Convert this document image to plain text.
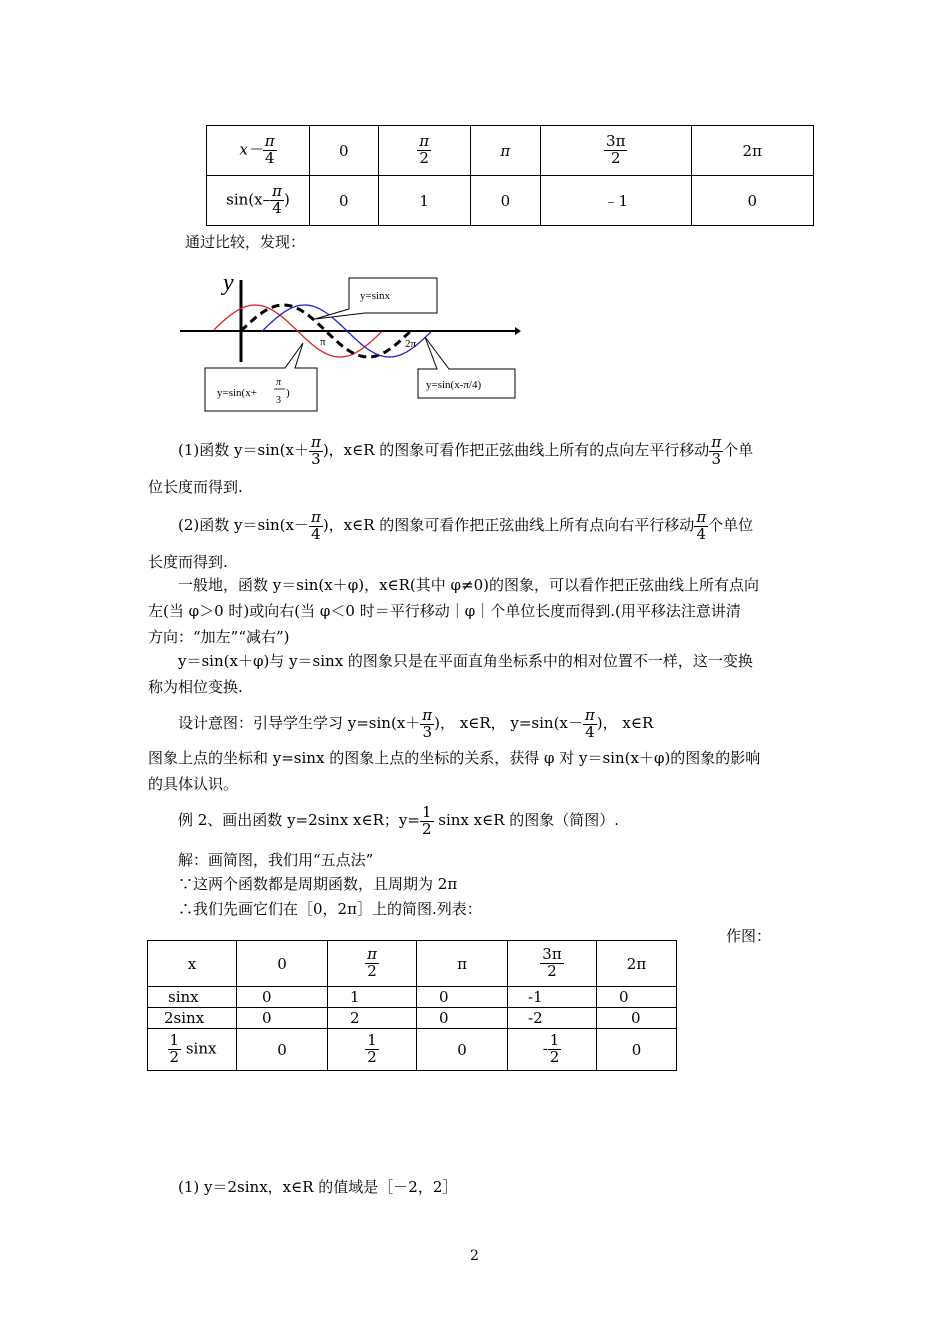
$x- \frac{\pi}{4}$	0	$\frac{\pi}{2}$	π	$\frac{3\pi}{2}$	2π
$\sin(x- \frac{\pi}{4}$ )	0	1	0	﹣1	0
通过比较，发现：
y
π	2π
y=sinx
y=sin(x+
π
3
)
y=sin(x-π/4)
(1)函数 $y=\sin(x+ \frac{\pi}{3}$ )，x∈R 的图象可看作把正弦曲线上所有的点向左平行移动 $\frac{\pi}{3}$ 个单
位长度而得到.
(2)函数 $y=\sin(x- \frac{\pi}{4}$ )，x∈R 的图象可看作把正弦曲线上所有点向右平行移动 $\frac{\pi}{4}$ 个单位
长度而得到.
一般地，函数 y＝sin(x＋φ)，x∈R(其中 φ≠0)的图象，可以看作把正弦曲线上所有点向
左(当 φ＞0 时)或向右(当 φ＜0 时＝平行移动｜φ｜个单位长度而得到.(用平移法注意讲清
方向：“加左”“减右”)
y＝sin(x＋φ)与 y＝sinx 的图象只是在平面直角坐标系中的相对位置不一样，这一变换
称为相位变换.
设计意图：引导学生学习 $y=\sin(x+ \frac{\pi}{3}$ )， x∈R， $y=\sin(x- \frac{\pi}{4}$ )， x∈R
图象上点的坐标和 y=sinx 的图象上点的坐标的关系，获得 φ 对 y＝sin(x＋φ)的图象的影响
的具体认识。
例 2、画出函数 y=2sinx x∈R；$y= \frac{1}{2}$ sinx x∈R 的图象（简图）.
解：画简图，我们用“五点法”
∵这两个函数都是周期函数，且周期为 2π
∴我们先画它们在［0，2π］上的简图.列表：
作图：
x	0	$\frac{\pi}{2}$	π	$\frac{3\pi}{2}$	2π
sinx	0	1	0	-1	0
2sinx	0	2	0	-2	0

$\frac{1}{2}$ sinx	0	$\frac{1}{2}$	0	- $\frac{1}{2}$	0
(1) y＝2sinx，x∈R 的值域是［－2，2］
2
